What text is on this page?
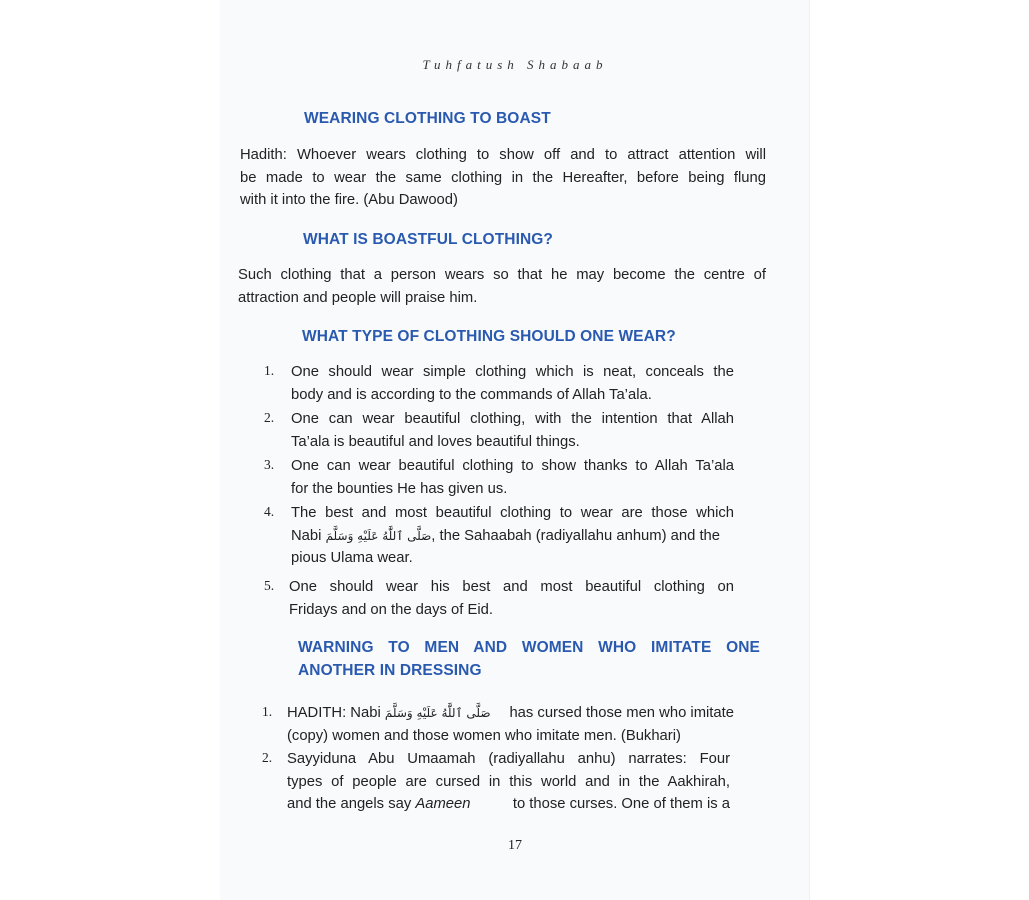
Tuhfatush Shabaab
WEARING CLOTHING TO BOAST
Hadith: Whoever wears clothing to show off and to attract attention will
be made to wear the same clothing in the Hereafter, before being flung
with it into the fire. (Abu Dawood)
WHAT IS BOASTFUL CLOTHING?
Such clothing that a person wears so that he may become the centre of
attraction and people will praise him.
WHAT TYPE OF CLOTHING SHOULD ONE WEAR?
1. One should wear simple clothing which is neat, conceals the
body and is according to the commands of Allah Ta’ala.
2. One can wear beautiful clothing, with the intention that Allah
Ta’ala is beautiful and loves beautiful things.
3. One can wear beautiful clothing to show thanks to Allah Ta’ala
for the bounties He has given us.
4. The best and most beautiful clothing to wear are those which
Nabi صَلَّى ٱللَّٰهُ عَلَيْهِ وَسَلَّمَ, the Sahaabah (radiyallahu anhum) and the
pious Ulama wear.
5. One should wear his best and most beautiful clothing on
Fridays and on the days of Eid.
WARNING TO MEN AND WOMEN WHO IMITATE ONE
ANOTHER IN DRESSING
1. HADITH: Nabi صَلَّى ٱللَّٰهُ عَلَيْهِ وَسَلَّمَ has cursed those men who imitate
(copy) women and those women who imitate men. (Bukhari)
2. Sayyiduna Abu Umaamah (radiyallahu anhu) narrates: Four
types of people are cursed in this world and in the Aakhirah,
and the angels say Aameen	to those curses. One of them is a
17
